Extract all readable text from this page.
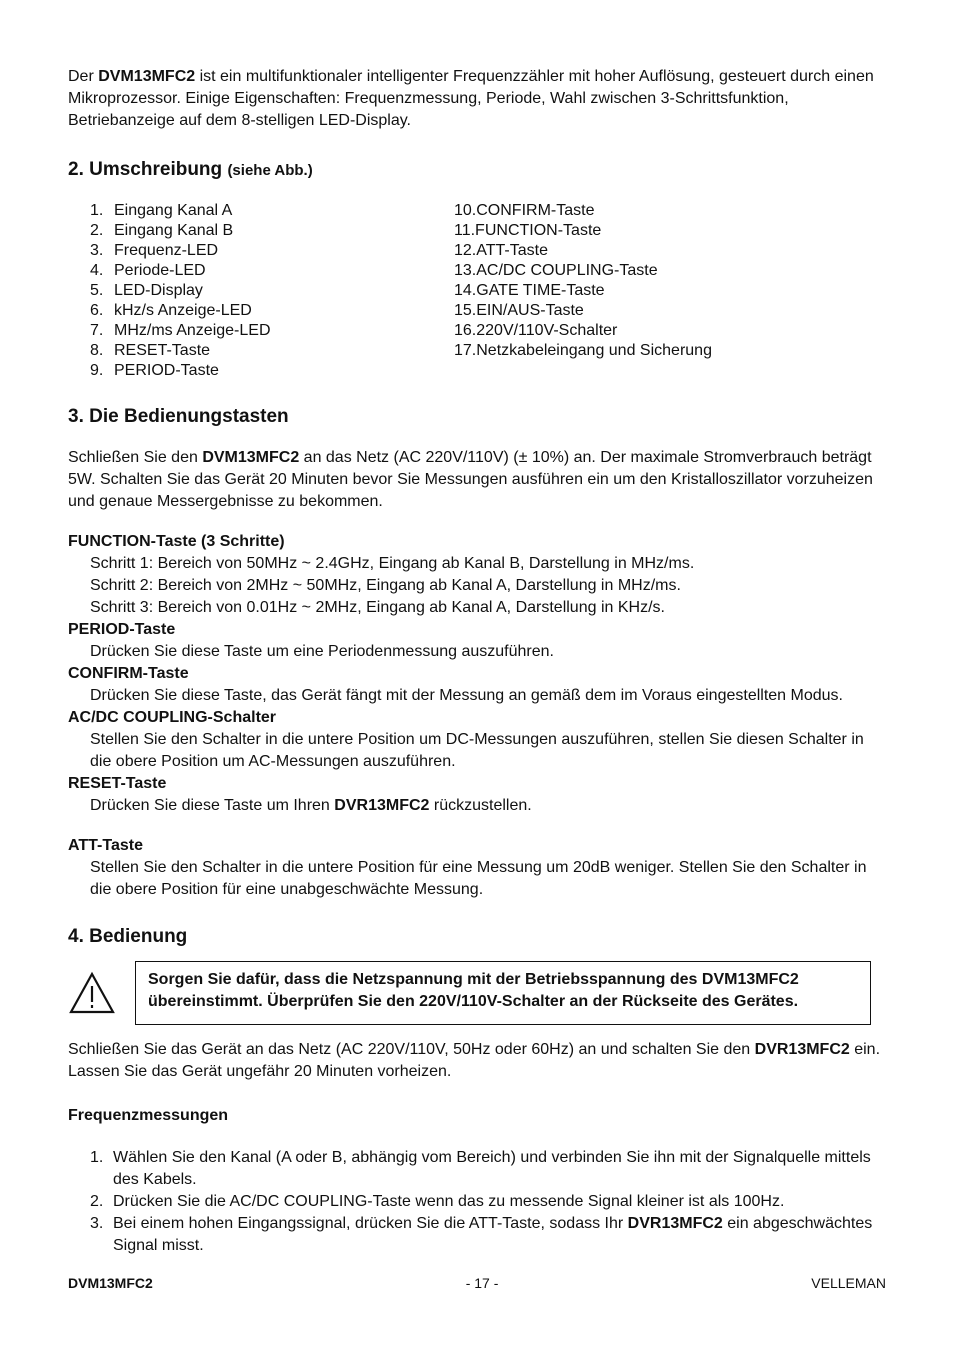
Der DVM13MFC2 ist ein multifunktionaler intelligenter Frequenzzähler mit hoher Auflösung, gesteuert durch einen Mikroprozessor. Einige Eigenschaften: Frequenzmessung, Periode, Wahl zwischen 3-Schrittsfunktion, Betriebanzeige auf dem 8-stelligen LED-Display.

2. Umschreibung (siehe Abb.)
1. Eingang Kanal A
2. Eingang Kanal B
3. Frequenz-LED
4. Periode-LED
5. LED-Display
6. kHz/s Anzeige-LED
7. MHz/ms Anzeige-LED
8. RESET-Taste
9. PERIOD-Taste
10.CONFIRM-Taste
11.FUNCTION-Taste
12.ATT-Taste
13.AC/DC COUPLING-Taste
14.GATE TIME-Taste
15.EIN/AUS-Taste
16.220V/110V-Schalter
17.Netzkabeleingang und Sicherung
3. Die Bedienungstasten

Schließen Sie den DVM13MFC2 an das Netz (AC 220V/110V) (± 10%) an. Der maximale Stromverbrauch beträgt 5W. Schalten Sie das Gerät 20 Minuten bevor Sie Messungen ausführen ein um den Kristalloszillator vorzuheizen und genaue Messergebnisse zu bekommen.

FUNCTION-Taste (3 Schritte)

Schritt 1: Bereich von 50MHz ~ 2.4GHz, Eingang ab Kanal B, Darstellung in MHz/ms.

Schritt 2: Bereich von 2MHz ~ 50MHz, Eingang ab Kanal A, Darstellung in MHz/ms.

Schritt 3: Bereich von 0.01Hz ~ 2MHz, Eingang ab Kanal A, Darstellung in KHz/s.

PERIOD-Taste

Drücken Sie diese Taste um eine Periodenmessung auszuführen.

CONFIRM-Taste

Drücken Sie diese Taste, das Gerät fängt mit der Messung an gemäß dem im Voraus eingestellten Modus.

AC/DC COUPLING-Schalter

Stellen Sie den Schalter in die untere Position um DC-Messungen auszuführen, stellen Sie diesen Schalter in die obere Position um AC-Messungen auszuführen.

RESET-Taste

Drücken Sie diese Taste um Ihren DVR13MFC2 rückzustellen.

ATT-Taste

Stellen Sie den Schalter in die untere Position für eine Messung um 20dB weniger. Stellen Sie den Schalter in die obere Position für eine unabgeschwächte Messung.

4. Bedienung
Sorgen Sie dafür, dass die Netzspannung mit der Betriebsspannung des DVM13MFC2 übereinstimmt. Überprüfen Sie den 220V/110V-Schalter an der Rückseite des Gerätes.

Schließen Sie das Gerät an das Netz (AC 220V/110V, 50Hz oder 60Hz) an und schalten Sie den DVR13MFC2 ein. Lassen Sie das Gerät ungefähr 20 Minuten vorheizen.

Frequenzmessungen

1. Wählen Sie den Kanal (A oder B, abhängig vom Bereich) und verbinden Sie ihn mit der Signalquelle mittels des Kabels.
2. Drücken Sie die AC/DC COUPLING-Taste wenn das zu messende Signal kleiner ist als 100Hz.
3. Bei einem hohen Eingangssignal, drücken Sie die ATT-Taste, sodass Ihr DVR13MFC2 ein abgeschwächtes Signal misst.
DVM13MFC2	- 17 -	VELLEMAN
